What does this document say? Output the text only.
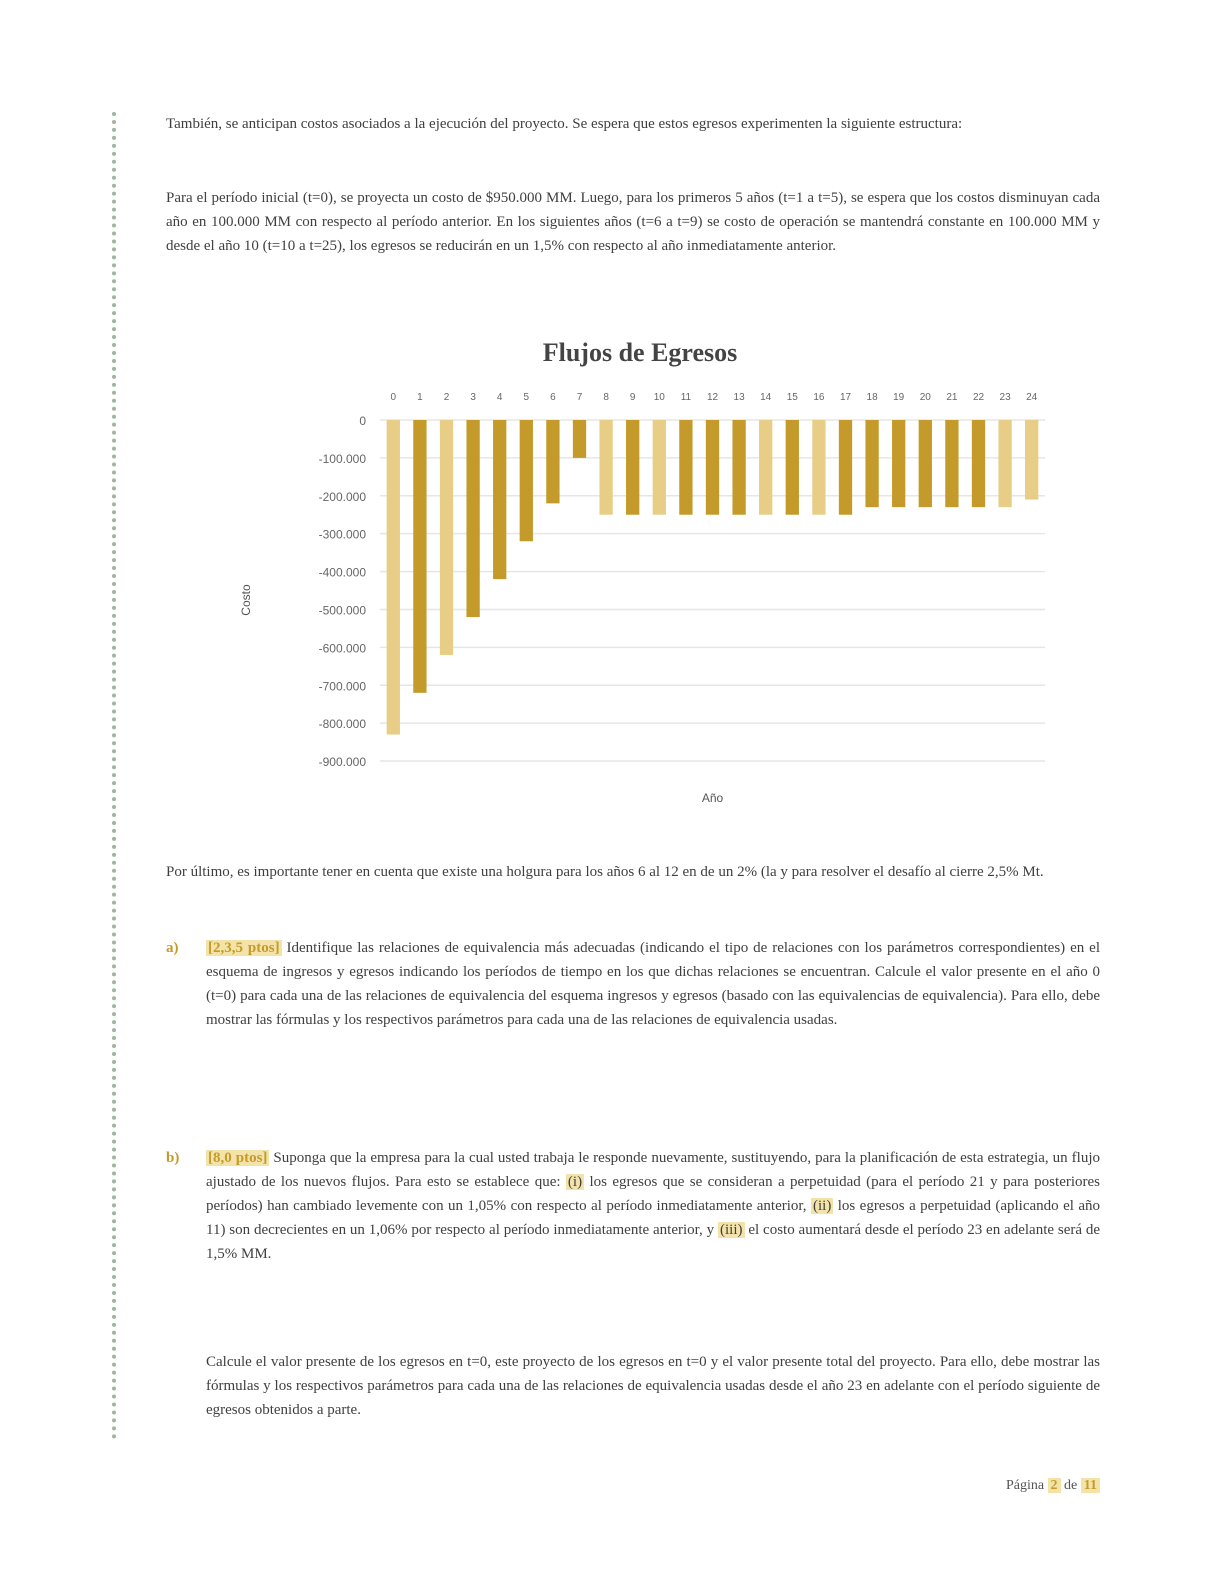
También, se anticipan costos asociados a la ejecución del proyecto. Se espera que estos egresos experimenten la siguiente estructura:

Para el período inicial (t=0), se proyecta un costo de $950.000 MM. Luego, para los primeros 5 años (t=1 a t=5), se espera que los costos disminuyan cada año en 100.000 MM con respecto al período anterior. En los siguientes años (t=6 a t=9) se costo de operación se mantendrá constante en 100.000 MM y desde el año 10 (t=10 a t=25), los egresos se reducirán en un 1,5% con respecto al año inmediatamente anterior.

Flujos de Egresos
0
-100.000
-200.000
-300.000
-400.000
-500.000
-600.000
-700.000
-800.000
-900.000
0 1 2 3 4 5 6 7 8 9 10 11 12 13 14 15 16 17 18 19 20 21 22 23 24
Año
Costo

Por último, es importante tener en cuenta que existe una holgura para los años 6 al 12 en de un 2% (la y para resolver el desafío al cierre 2,5% Mt.

a) [2,3,5 ptos] Identifique las relaciones de equivalencia más adecuadas (indicando el tipo de relaciones con los parámetros correspondientes) en el esquema de ingresos y egresos indicando los períodos de tiempo en los que dichas relaciones se encuentran. Calcule el valor presente en el año 0 (t=0) para cada una de las relaciones de equivalencia del esquema ingresos y egresos (basado con las equivalencias de equivalencia). Para ello, debe mostrar las fórmulas y los respectivos parámetros para cada una de las relaciones de equivalencia usadas.
b) [8,0 ptos] Suponga que la empresa para la cual usted trabaja le responde nuevamente, sustituyendo, para la planificación de esta estrategia, un flujo ajustado de los nuevos flujos. Para esto se establece que: (i) los egresos que se consideran a perpetuidad (para el período 21 y para posteriores períodos) han cambiado levemente con un 1,05% con respecto al período inmediatamente anterior, (ii) los egresos a perpetuidad (aplicando el año 11) son decrecientes en un 1,06% por respecto al período inmediatamente anterior, y (iii) el costo aumentará desde el período 23 en adelante será de 1,5% MM.

Calcule el valor presente de los egresos en t=0, este proyecto de los egresos en t=0 y el valor presente total del proyecto. Para ello, debe mostrar las fórmulas y los respectivos parámetros para cada una de las relaciones de equivalencia usadas desde el año 23 en adelante con el período siguiente de egresos obtenidos a parte.

Página 2 de 11
